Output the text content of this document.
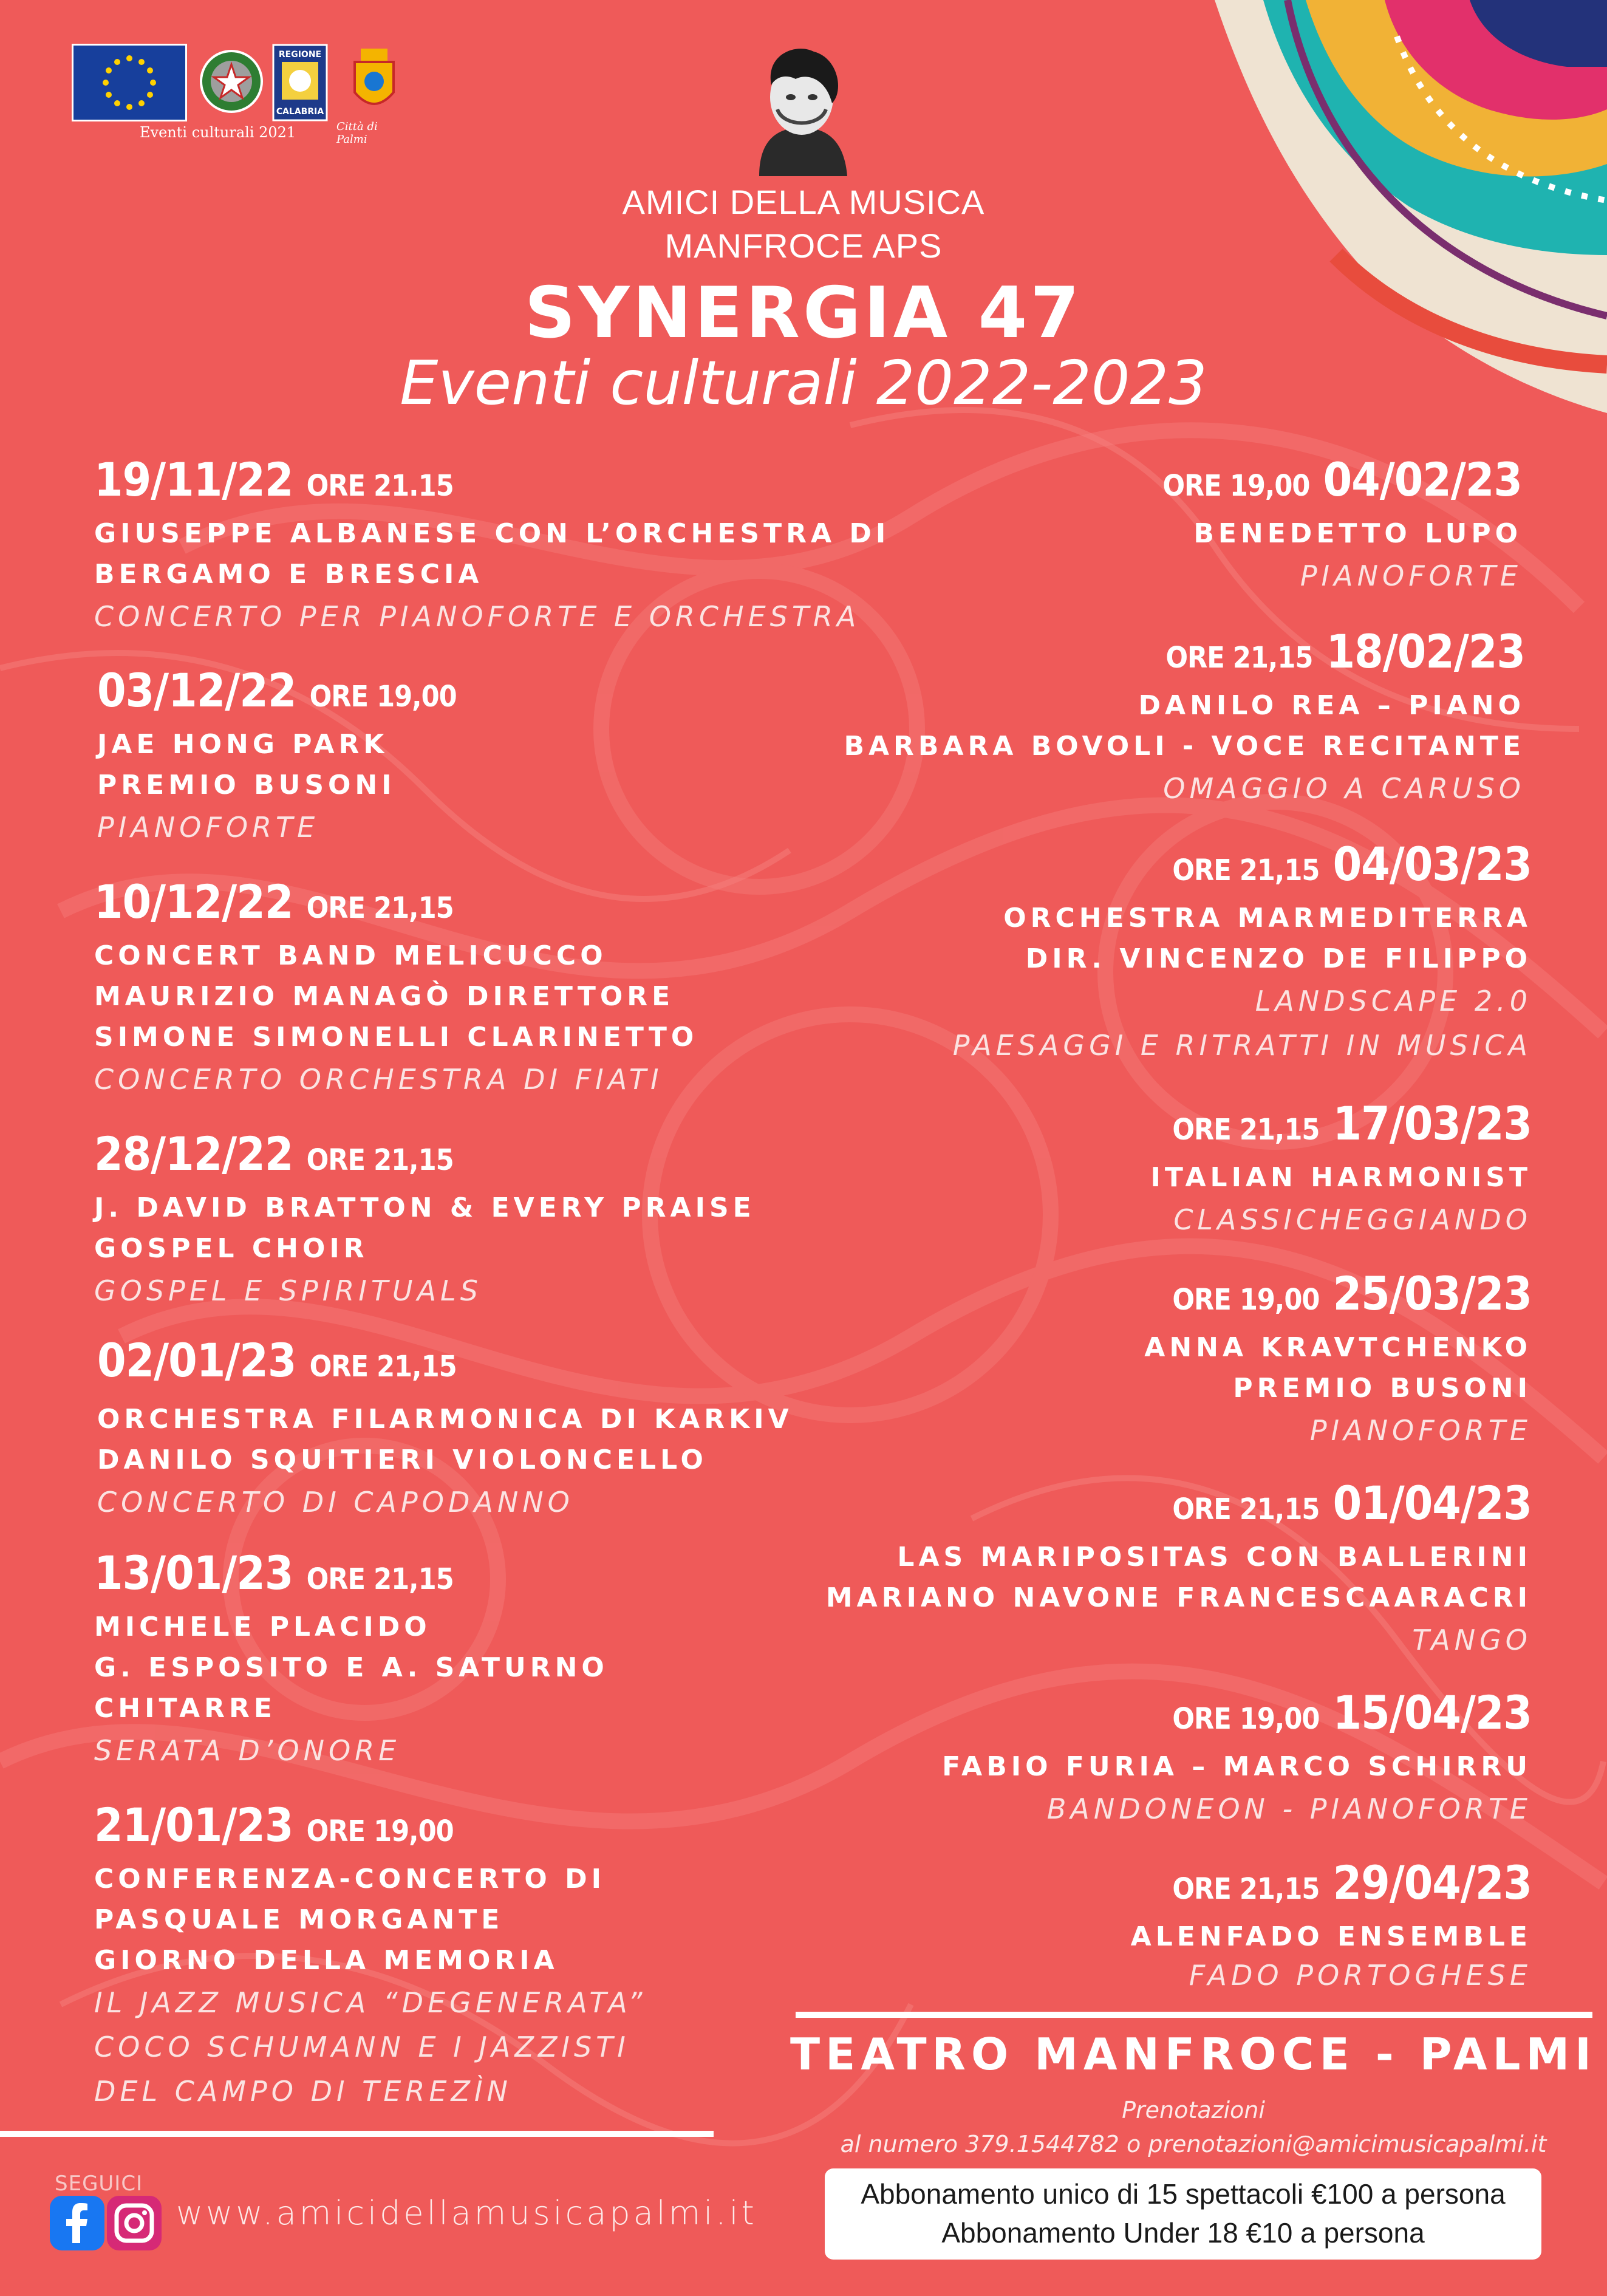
REGIONE
CALABRIA
Eventi culturali 2021	Città di Palmi
AMICI DELLA MUSICA
MANFROCE APS
SYNERGIA 47
Eventi culturali 2022-2023
19/11/22 ORE 21.15
GIUSEPPE ALBANESE CON L’ORCHESTRA DI
BERGAMO E BRESCIA
CONCERTO PER PIANOFORTE E ORCHESTRA
03/12/22 ORE 19,00
JAE HONG PARK
PREMIO BUSONI
PIANOFORTE
10/12/22 ORE 21,15
CONCERT BAND MELICUCCO
MAURIZIO MANAGÒ DIRETTORE
SIMONE SIMONELLI CLARINETTO
CONCERTO ORCHESTRA DI FIATI
28/12/22 ORE 21,15
J. DAVID BRATTON & EVERY PRAISE
GOSPEL CHOIR
GOSPEL E SPIRITUALS
02/01/23 ORE 21,15
ORCHESTRA FILARMONICA DI KARKIV
DANILO SQUITIERI VIOLONCELLO
CONCERTO DI CAPODANNO
13/01/23 ORE 21,15
MICHELE PLACIDO
G. ESPOSITO E A. SATURNO
CHITARRE
SERATA D’ONORE
21/01/23 ORE 19,00
CONFERENZA-CONCERTO DI
PASQUALE MORGANTE
GIORNO DELLA MEMORIA
IL JAZZ MUSICA “DEGENERATA”
COCO SCHUMANN E I JAZZISTI
DEL CAMPO DI TEREZÌN
ORE 19,00 04/02/23
BENEDETTO LUPO
PIANOFORTE
ORE 21,15 18/02/23
DANILO REA – PIANO
BARBARA BOVOLI - VOCE RECITANTE
OMAGGIO A CARUSO
ORE 21,15 04/03/23
ORCHESTRA MARMEDITERRA
DIR. VINCENZO DE FILIPPO
LANDSCAPE 2.0
PAESAGGI E RITRATTI IN MUSICA
ORE 21,15 17/03/23
ITALIAN HARMONIST
CLASSICHEGGIANDO
ORE 19,00 25/03/23
ANNA KRAVTCHENKO
PREMIO BUSONI
PIANOFORTE
ORE 21,15 01/04/23
LAS MARIPOSITAS CON BALLERINI
MARIANO NAVONE FRANCESCAARACRI
TANGO
ORE 19,00 15/04/23
FABIO FURIA – MARCO SCHIRRU
BANDONEON - PIANOFORTE
ORE 21,15 29/04/23
ALENFADO ENSEMBLE
FADO PORTOGHESE
TEATRO MANFROCE - PALMI
Prenotazioni
al numero 379.1544782 o prenotazioni@amicimusicapalmi.it
Abbonamento unico di 15 spettacoli €100 a persona
Abbonamento Under 18 €10 a persona
SEGUICI
www.amicidellamusicapalmi.it
